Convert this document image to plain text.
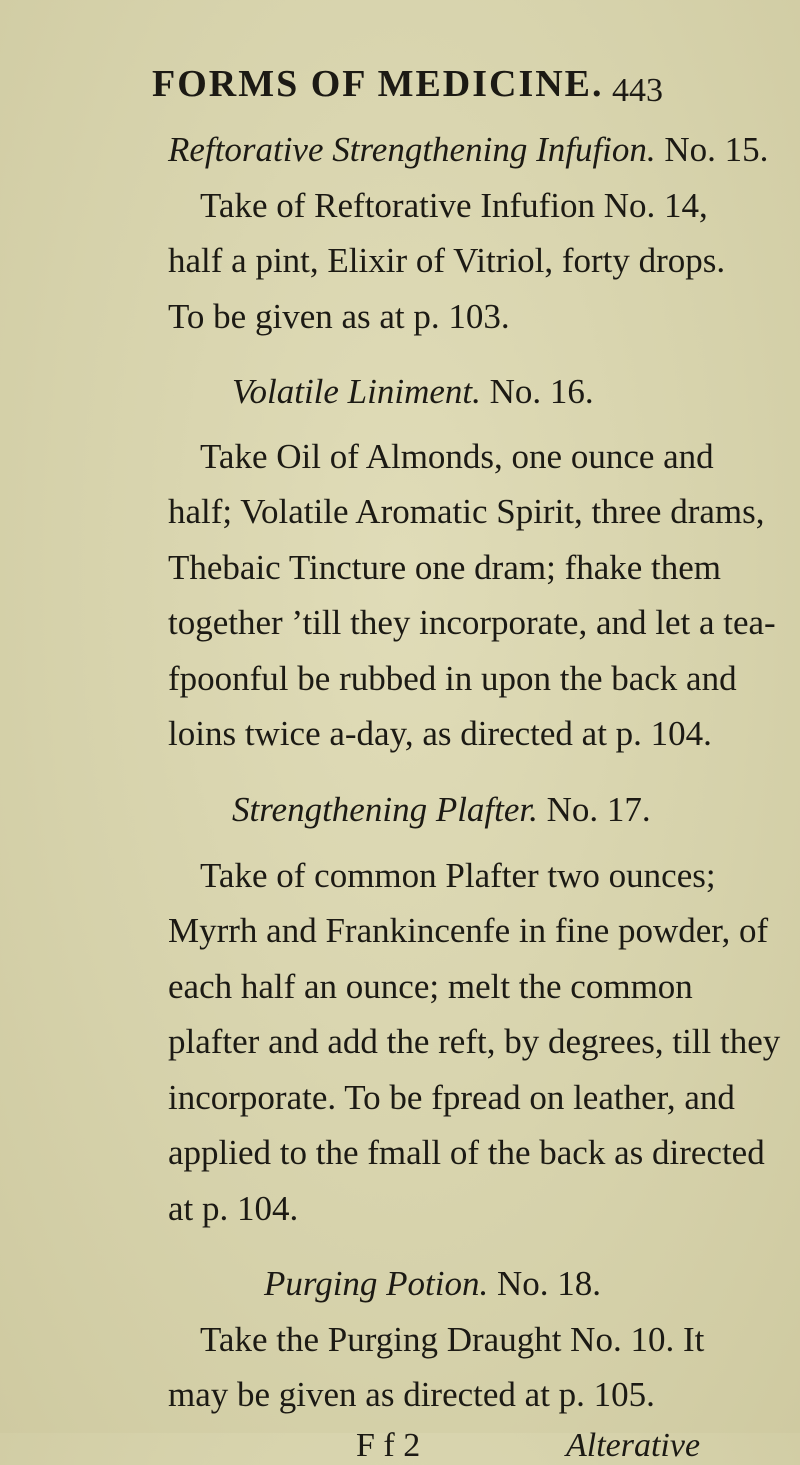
FORMS OF MEDICINE. 443
Reftorative Strengthening Infufion. No. 15.
Take of Reftorative Infufion No. 14,
half a pint, Elixir of Vitriol, forty drops.
To be given as at p. 103.
Volatile Liniment. No. 16.
Take Oil of Almonds, one ounce and
half; Volatile Aromatic Spirit, three drams,
Thebaic Tincture one dram; fhake them
together ’till they incorporate, and let a tea-
fpoonful be rubbed in upon the back and
loins twice a-day, as directed at p. 104.
Strengthening Plafter. No. 17.
Take of common Plafter two ounces;
Myrrh and Frankincenfe in fine powder, of
each half an ounce; melt the common
plafter and add the reft, by degrees, till they
incorporate. To be fpread on leather, and
applied to the fmall of the back as directed
at p. 104.
Purging Potion. No. 18.
Take the Purging Draught No. 10. It
may be given as directed at p. 105.
F f 2	Alterative
